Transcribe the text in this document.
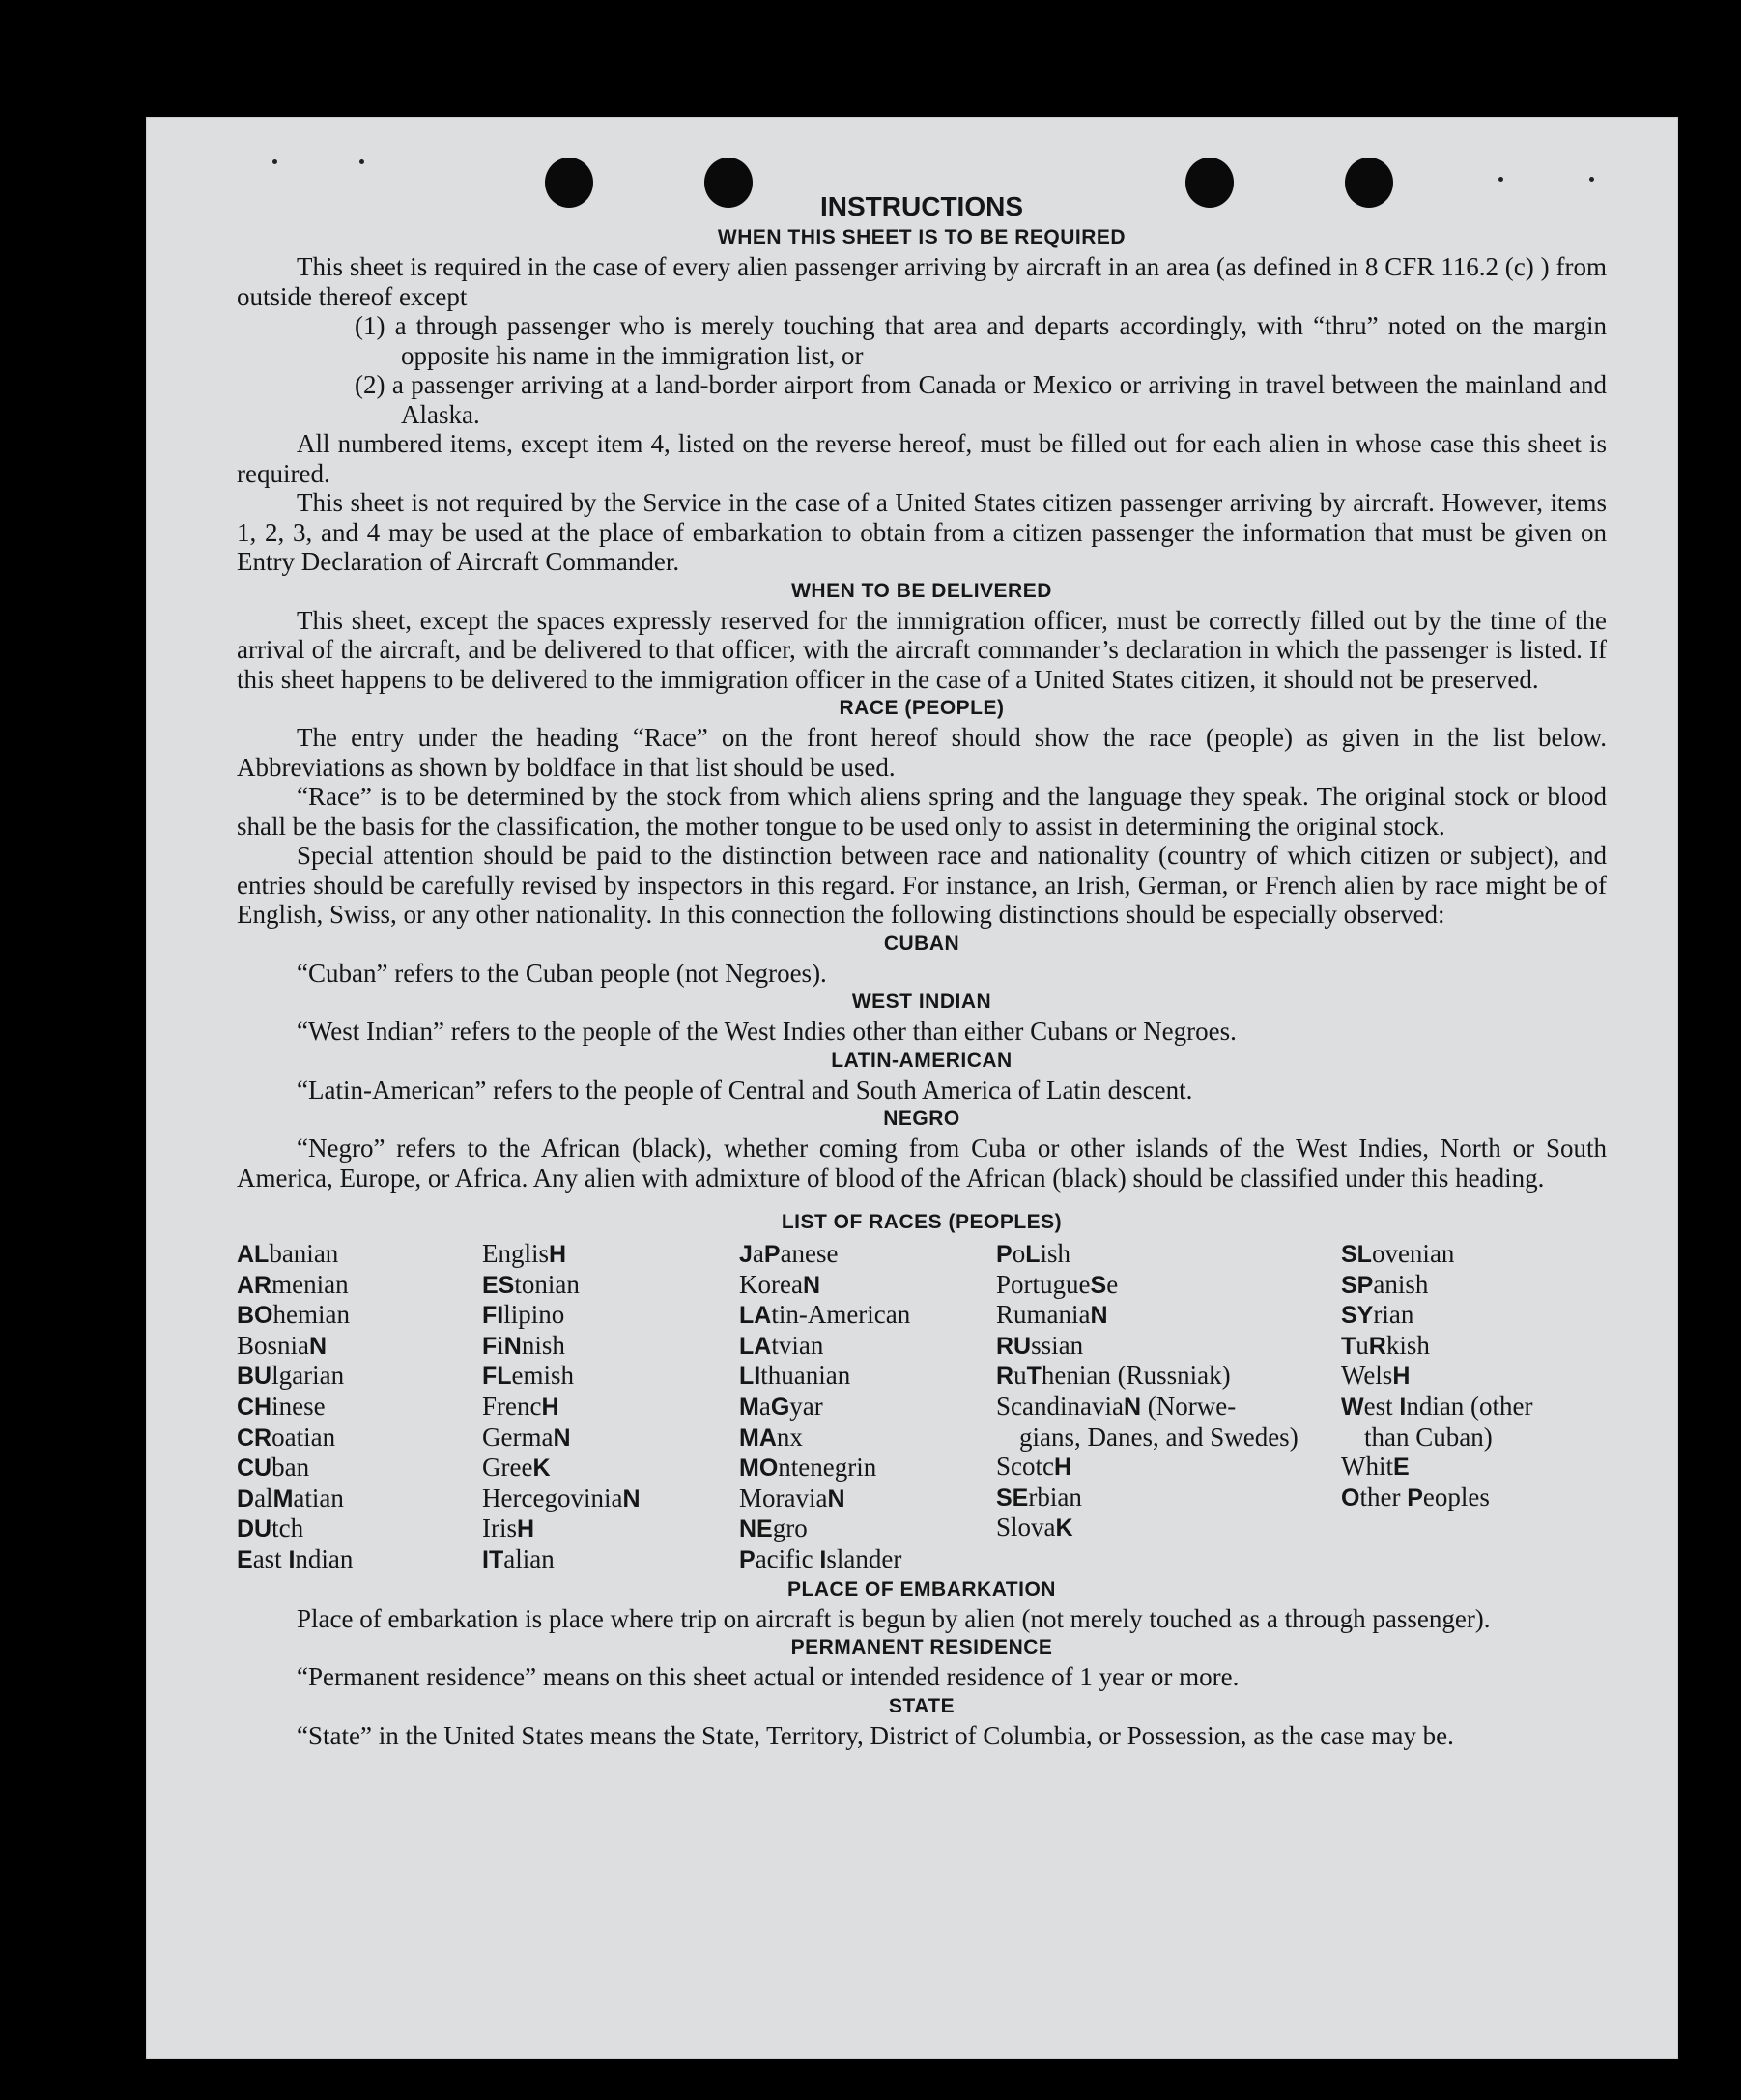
INSTRUCTIONS
WHEN THIS SHEET IS TO BE REQUIRED

This sheet is required in the case of every alien passenger arriving by aircraft in an area (as defined in 8 CFR 116.2 (c) ) from outside thereof except

(1) a through passenger who is merely touching that area and departs accordingly, with “thru” noted on the margin opposite his name in the immigration list, or

(2) a passenger arriving at a land-border airport from Canada or Mexico or arriving in travel between the mainland and Alaska.

All numbered items, except item 4, listed on the reverse hereof, must be filled out for each alien in whose case this sheet is required.

This sheet is not required by the Service in the case of a United States citizen passenger arriving by aircraft. However, items 1, 2, 3, and 4 may be used at the place of embarkation to obtain from a citizen passenger the information that must be given on Entry Declaration of Aircraft Commander.

WHEN TO BE DELIVERED

This sheet, except the spaces expressly reserved for the immigration officer, must be correctly filled out by the time of the arrival of the aircraft, and be delivered to that officer, with the aircraft commander’s declaration in which the passenger is listed. If this sheet happens to be delivered to the immigration officer in the case of a United States citizen, it should not be preserved.

RACE (PEOPLE)

The entry under the heading “Race” on the front hereof should show the race (people) as given in the list below. Abbreviations as shown by boldface in that list should be used.

“Race” is to be determined by the stock from which aliens spring and the language they speak. The original stock or blood shall be the basis for the classification, the mother tongue to be used only to assist in determining the original stock.

Special attention should be paid to the distinction between race and nationality (country of which citizen or subject), and entries should be carefully revised by inspectors in this regard. For instance, an Irish, German, or French alien by race might be of English, Swiss, or any other nationality. In this connection the following distinctions should be especially observed:

CUBAN

“Cuban” refers to the Cuban people (not Negroes).

WEST INDIAN

“West Indian” refers to the people of the West Indies other than either Cubans or Negroes.

LATIN-AMERICAN

“Latin-American” refers to the people of Central and South America of Latin descent.

NEGRO

“Negro” refers to the African (black), whether coming from Cuba or other islands of the West Indies, North or South America, Europe, or Africa. Any alien with admixture of blood of the African (black) should be classified under this heading.

LIST OF RACES (PEOPLES)
ALbanian
ARmenian
BOhemian
BosniaN
BUlgarian
CHinese
CRoatian
CUban
DalMatian
DUtch
East Indian
EnglisH
EStonian
FIlipino
FiNnish
FLemish
FrencH
GermaN
GreeK
HercegoviniaN
IrisH
ITalian
JaPanese
KoreaN
LAtin-American
LAtvian
LIthuanian
MaGyar
MAnx
MOntenegrin
MoraviaN
NEgro
Pacific Islander
PoLish
PortugueSe
RumaniaN
RUssian
RuThenian (Russniak)
ScandinaviaN (Norwe-
gians, Danes, and Swedes)
ScotcH
SErbian
SlovaK
SLovenian
SPanish
SYrian
TuRkish
WelsH
West Indian (other
than Cuban)
WhitE
Other Peoples
PLACE OF EMBARKATION

Place of embarkation is place where trip on aircraft is begun by alien (not merely touched as a through passenger).

PERMANENT RESIDENCE

“Permanent residence” means on this sheet actual or intended residence of 1 year or more.

STATE

“State” in the United States means the State, Territory, District of Columbia, or Possession, as the case may be.
